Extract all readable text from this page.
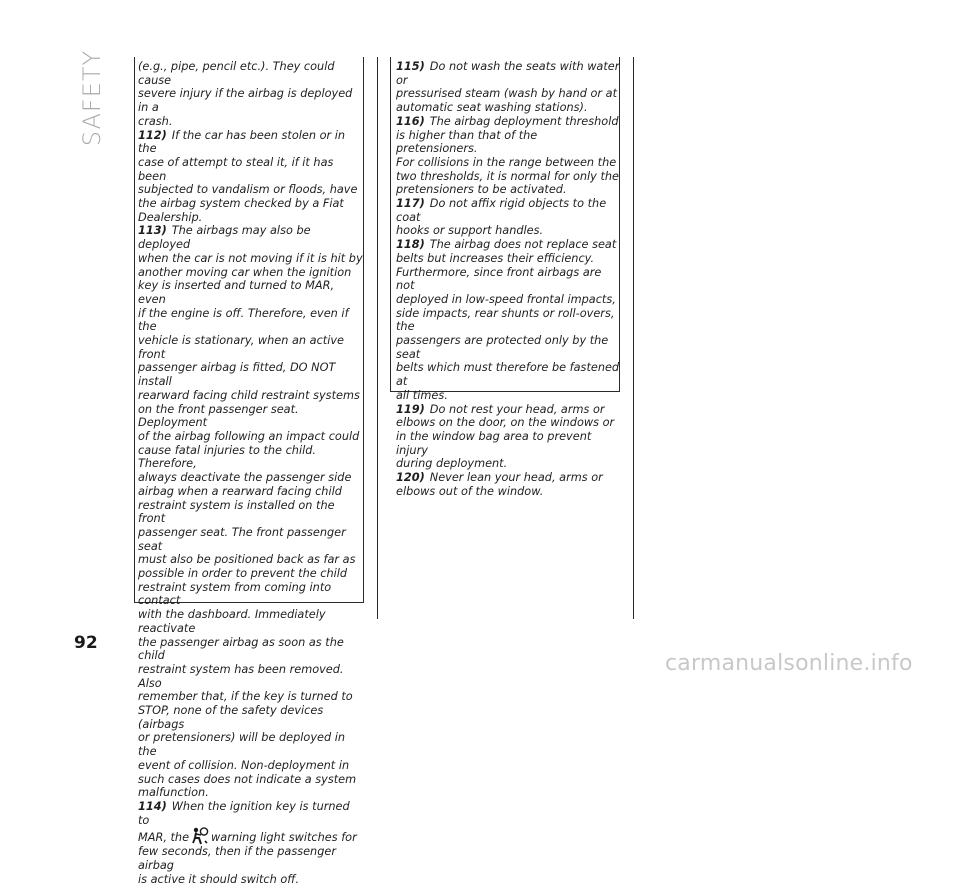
SAFETY	(e.g., pipe, pencil etc.). They could cause
severe injury if the airbag is deployed in a
crash.

112) If the car has been stolen or in the
case of attempt to steal it, if it has been
subjected to vandalism or floods, have
the airbag system checked by a Fiat
Dealership.

113) The airbags may also be deployed
when the car is not moving if it is hit by
another moving car when the ignition
key is inserted and turned to MAR, even
if the engine is off. Therefore, even if the
vehicle is stationary, when an active front
passenger airbag is fitted, DO NOT install
rearward facing child restraint systems
on the front passenger seat. Deployment
of the airbag following an impact could
cause fatal injuries to the child. Therefore,
always deactivate the passenger side
airbag when a rearward facing child
restraint system is installed on the front
passenger seat. The front passenger seat
must also be positioned back as far as
possible in order to prevent the child
restraint system from coming into contact
with the dashboard. Immediately reactivate
the passenger airbag as soon as the child
restraint system has been removed. Also
remember that, if the key is turned to
STOP, none of the safety devices (airbags
or pretensioners) will be deployed in the
event of collision. Non-deployment in
such cases does not indicate a system
malfunction.

114) When the ignition key is turned to
MAR, the warning light switches for
few seconds, then if the passenger airbag
is active it should switch off.

115) Do not wash the seats with water or
pressurised steam (wash by hand or at
automatic seat washing stations).

116) The airbag deployment threshold
is higher than that of the pretensioners.
For collisions in the range between the
two thresholds, it is normal for only the
pretensioners to be activated.

117) Do not affix rigid objects to the coat
hooks or support handles.

118) The airbag does not replace seat
belts but increases their efficiency.
Furthermore, since front airbags are not
deployed in low-speed frontal impacts,
side impacts, rear shunts or roll-overs, the
passengers are protected only by the seat
belts which must therefore be fastened at
all times.

119) Do not rest your head, arms or
elbows on the door, on the windows or
in the window bag area to prevent injury
during deployment.

120) Never lean your head, arms or
elbows out of the window.

92
carmanualsonline.info
